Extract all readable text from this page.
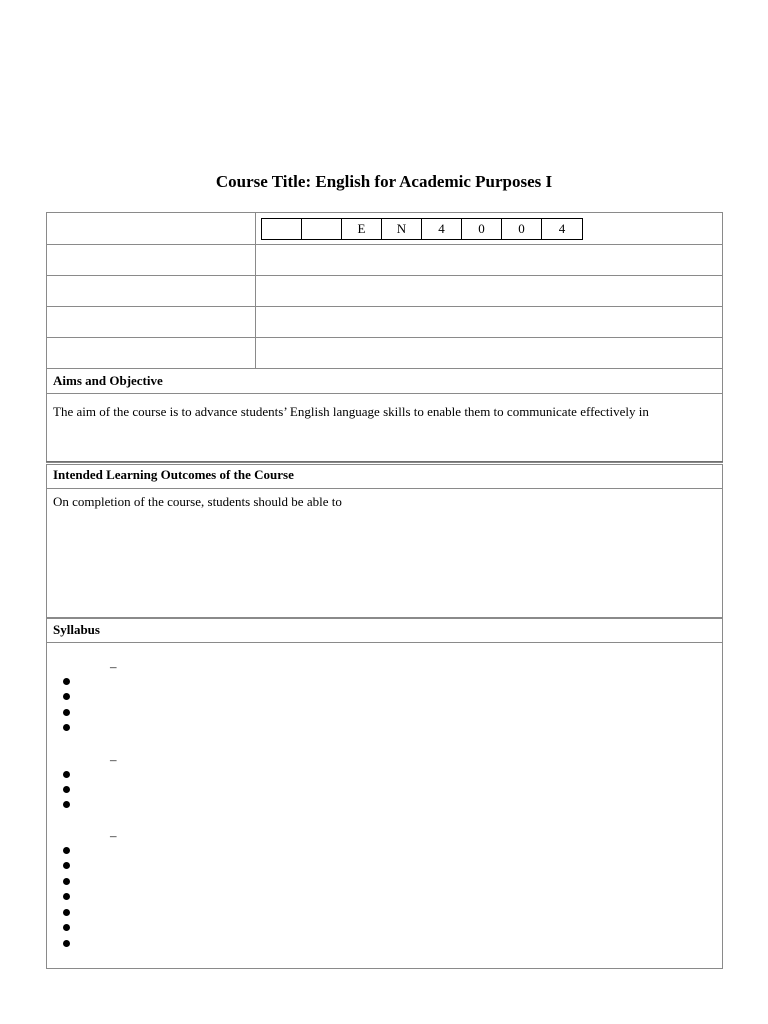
Course Title: English for Academic Purposes I
E	N	4	0	0	4
Aims and Objective
The aim of the course is to advance students’ English language skills to enable them to communicate effectively in
Intended Learning Outcomes of the Course
On completion of the course, students should be able to
Syllabus
–
–
–
